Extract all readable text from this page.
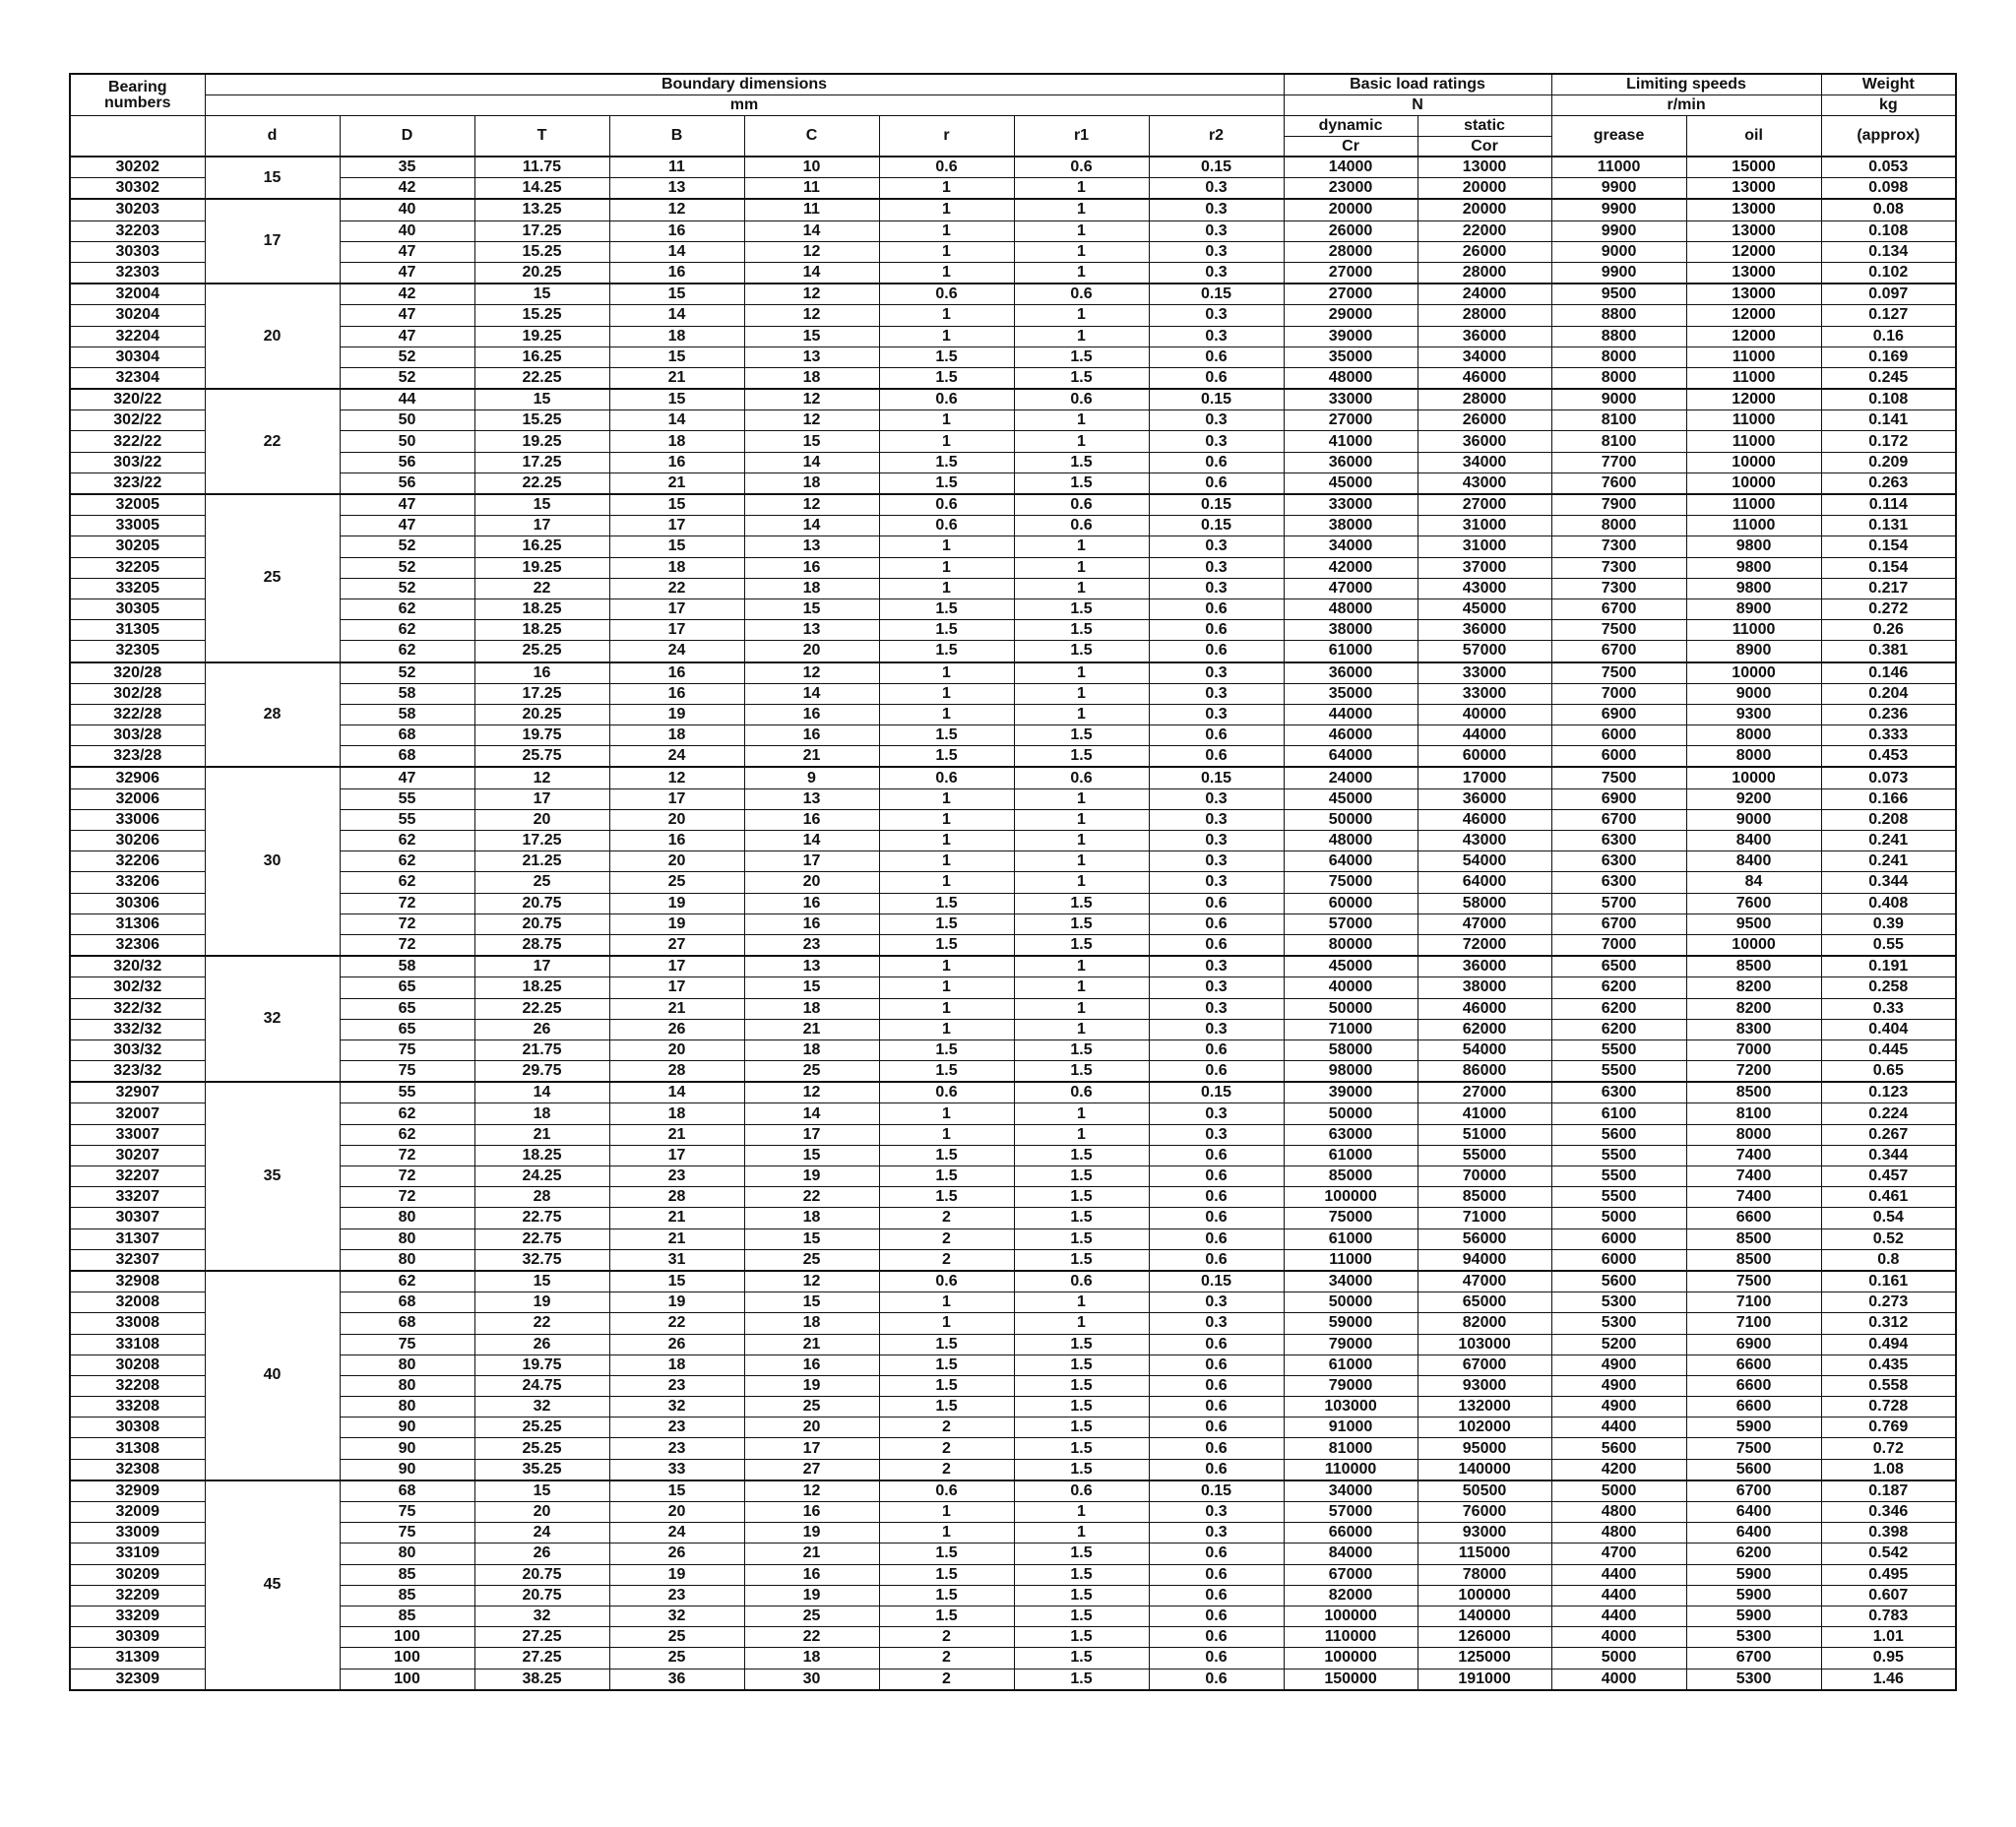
Bearing
numbers	Boundary dimensions								Basic load ratings		Limiting speeds		Weight
	mm								N		r/min		kg
	d	D	T	B	C	r	r1	r2	dynamic	static	grease	oil	(approx)
									Cr	Cor			
30202	15	35	11.75	11	10	0.6	0.6	0.15	14000	13000	11000	15000	0.053
30302		42	14.25	13	11	1	1	0.3	23000	20000	9900	13000	0.098
30203	17	40	13.25	12	11	1	1	0.3	20000	20000	9900	13000	0.08
32203		40	17.25	16	14	1	1	0.3	26000	22000	9900	13000	0.108
30303		47	15.25	14	12	1	1	0.3	28000	26000	9000	12000	0.134
32303		47	20.25	16	14	1	1	0.3	27000	28000	9900	13000	0.102
32004	20	42	15	15	12	0.6	0.6	0.15	27000	24000	9500	13000	0.097
30204		47	15.25	14	12	1	1	0.3	29000	28000	8800	12000	0.127
32204		47	19.25	18	15	1	1	0.3	39000	36000	8800	12000	0.16
30304		52	16.25	15	13	1.5	1.5	0.6	35000	34000	8000	11000	0.169
32304		52	22.25	21	18	1.5	1.5	0.6	48000	46000	8000	11000	0.245
320/22	22	44	15	15	12	0.6	0.6	0.15	33000	28000	9000	12000	0.108
302/22		50	15.25	14	12	1	1	0.3	27000	26000	8100	11000	0.141
322/22		50	19.25	18	15	1	1	0.3	41000	36000	8100	11000	0.172
303/22		56	17.25	16	14	1.5	1.5	0.6	36000	34000	7700	10000	0.209
323/22		56	22.25	21	18	1.5	1.5	0.6	45000	43000	7600	10000	0.263
32005	25	47	15	15	12	0.6	0.6	0.15	33000	27000	7900	11000	0.114
33005		47	17	17	14	0.6	0.6	0.15	38000	31000	8000	11000	0.131
30205		52	16.25	15	13	1	1	0.3	34000	31000	7300	9800	0.154
32205		52	19.25	18	16	1	1	0.3	42000	37000	7300	9800	0.154
33205		52	22	22	18	1	1	0.3	47000	43000	7300	9800	0.217
30305		62	18.25	17	15	1.5	1.5	0.6	48000	45000	6700	8900	0.272
31305		62	18.25	17	13	1.5	1.5	0.6	38000	36000	7500	11000	0.26
32305		62	25.25	24	20	1.5	1.5	0.6	61000	57000	6700	8900	0.381
320/28	28	52	16	16	12	1	1	0.3	36000	33000	7500	10000	0.146
302/28		58	17.25	16	14	1	1	0.3	35000	33000	7000	9000	0.204
322/28		58	20.25	19	16	1	1	0.3	44000	40000	6900	9300	0.236
303/28		68	19.75	18	16	1.5	1.5	0.6	46000	44000	6000	8000	0.333
323/28		68	25.75	24	21	1.5	1.5	0.6	64000	60000	6000	8000	0.453
32906	30	47	12	12	9	0.6	0.6	0.15	24000	17000	7500	10000	0.073
32006		55	17	17	13	1	1	0.3	45000	36000	6900	9200	0.166
33006		55	20	20	16	1	1	0.3	50000	46000	6700	9000	0.208
30206		62	17.25	16	14	1	1	0.3	48000	43000	6300	8400	0.241
32206		62	21.25	20	17	1	1	0.3	64000	54000	6300	8400	0.241
33206		62	25	25	20	1	1	0.3	75000	64000	6300	84	0.344
30306		72	20.75	19	16	1.5	1.5	0.6	60000	58000	5700	7600	0.408
31306		72	20.75	19	16	1.5	1.5	0.6	57000	47000	6700	9500	0.39
32306		72	28.75	27	23	1.5	1.5	0.6	80000	72000	7000	10000	0.55
320/32	32	58	17	17	13	1	1	0.3	45000	36000	6500	8500	0.191
302/32		65	18.25	17	15	1	1	0.3	40000	38000	6200	8200	0.258
322/32		65	22.25	21	18	1	1	0.3	50000	46000	6200	8200	0.33
332/32		65	26	26	21	1	1	0.3	71000	62000	6200	8300	0.404
303/32		75	21.75	20	18	1.5	1.5	0.6	58000	54000	5500	7000	0.445
323/32		75	29.75	28	25	1.5	1.5	0.6	98000	86000	5500	7200	0.65
32907	35	55	14	14	12	0.6	0.6	0.15	39000	27000	6300	8500	0.123
32007		62	18	18	14	1	1	0.3	50000	41000	6100	8100	0.224
33007		62	21	21	17	1	1	0.3	63000	51000	5600	8000	0.267
30207		72	18.25	17	15	1.5	1.5	0.6	61000	55000	5500	7400	0.344
32207		72	24.25	23	19	1.5	1.5	0.6	85000	70000	5500	7400	0.457
33207		72	28	28	22	1.5	1.5	0.6	100000	85000	5500	7400	0.461
30307		80	22.75	21	18	2	1.5	0.6	75000	71000	5000	6600	0.54
31307		80	22.75	21	15	2	1.5	0.6	61000	56000	6000	8500	0.52
32307		80	32.75	31	25	2	1.5	0.6	11000	94000	6000	8500	0.8
32908	40	62	15	15	12	0.6	0.6	0.15	34000	47000	5600	7500	0.161
32008		68	19	19	15	1	1	0.3	50000	65000	5300	7100	0.273
33008		68	22	22	18	1	1	0.3	59000	82000	5300	7100	0.312
33108		75	26	26	21	1.5	1.5	0.6	79000	103000	5200	6900	0.494
30208		80	19.75	18	16	1.5	1.5	0.6	61000	67000	4900	6600	0.435
32208		80	24.75	23	19	1.5	1.5	0.6	79000	93000	4900	6600	0.558
33208		80	32	32	25	1.5	1.5	0.6	103000	132000	4900	6600	0.728
30308		90	25.25	23	20	2	1.5	0.6	91000	102000	4400	5900	0.769
31308		90	25.25	23	17	2	1.5	0.6	81000	95000	5600	7500	0.72
32308		90	35.25	33	27	2	1.5	0.6	110000	140000	4200	5600	1.08
32909	45	68	15	15	12	0.6	0.6	0.15	34000	50500	5000	6700	0.187
32009		75	20	20	16	1	1	0.3	57000	76000	4800	6400	0.346
33009		75	24	24	19	1	1	0.3	66000	93000	4800	6400	0.398
33109		80	26	26	21	1.5	1.5	0.6	84000	115000	4700	6200	0.542
30209		85	20.75	19	16	1.5	1.5	0.6	67000	78000	4400	5900	0.495
32209		85	20.75	23	19	1.5	1.5	0.6	82000	100000	4400	5900	0.607
33209		85	32	32	25	1.5	1.5	0.6	100000	140000	4400	5900	0.783
30309		100	27.25	25	22	2	1.5	0.6	110000	126000	4000	5300	1.01
31309		100	27.25	25	18	2	1.5	0.6	100000	125000	5000	6700	0.95
32309		100	38.25	36	30	2	1.5	0.6	150000	191000	4000	5300	1.46
